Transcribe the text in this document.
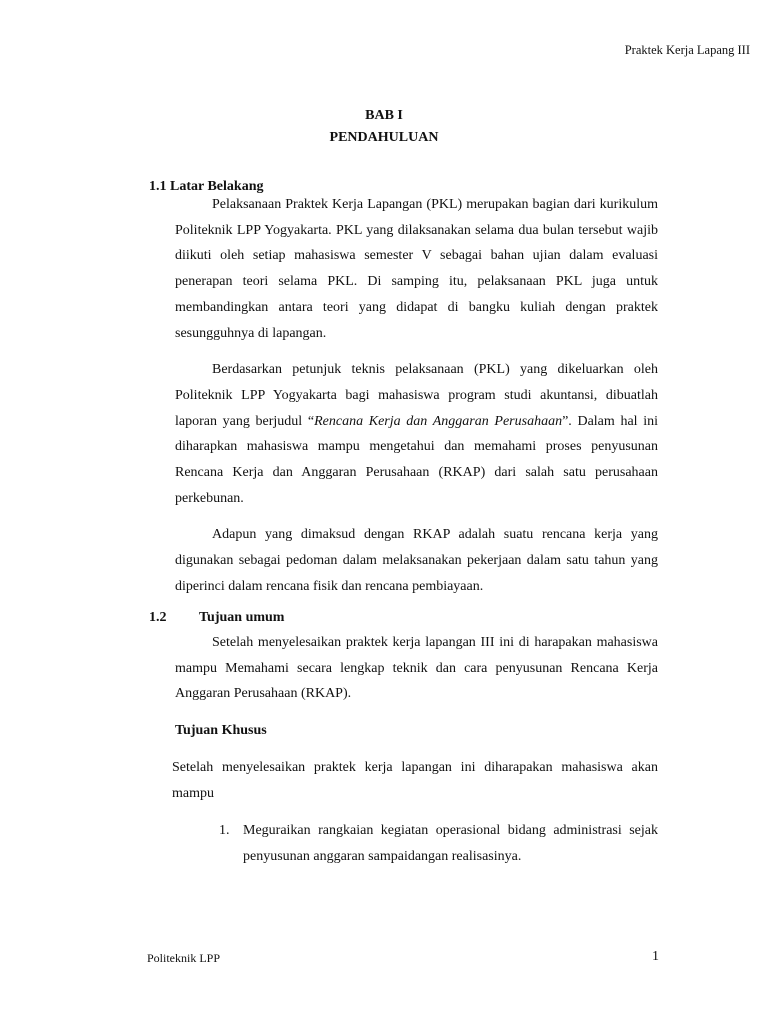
Praktek Kerja Lapang III
BAB I
PENDAHULUAN
1.1 Latar Belakang

Pelaksanaan Praktek Kerja Lapangan (PKL) merupakan bagian dari kurikulum Politeknik LPP Yogyakarta. PKL yang dilaksanakan selama dua bulan tersebut wajib diikuti oleh setiap mahasiswa semester V sebagai bahan ujian dalam evaluasi penerapan teori selama PKL. Di samping itu, pelaksanaan PKL juga untuk membandingkan antara teori yang didapat di bangku kuliah dengan praktek sesungguhnya di lapangan.

Berdasarkan petunjuk teknis pelaksanaan (PKL) yang dikeluarkan oleh Politeknik LPP Yogyakarta bagi mahasiswa program studi akuntansi, dibuatlah laporan yang berjudul “Rencana Kerja dan Anggaran Perusahaan”. Dalam hal ini diharapkan mahasiswa mampu mengetahui dan memahami proses penyusunan Rencana Kerja dan Anggaran Perusahaan (RKAP) dari salah satu perusahaan perkebunan.

Adapun yang dimaksud dengan RKAP adalah suatu rencana kerja yang digunakan sebagai pedoman dalam melaksanakan pekerjaan dalam satu tahun yang diperinci dalam rencana fisik dan rencana pembiayaan.

1.2 Tujuan umum

Setelah menyelesaikan praktek kerja lapangan III ini di harapakan mahasiswa mampu Memahami secara lengkap teknik dan cara penyusunan Rencana Kerja Anggaran Perusahaan (RKAP).

Tujuan Khusus

Setelah menyelesaikan praktek kerja lapangan ini diharapakan mahasiswa akan mampu

1. Meguraikan rangkaian kegiatan operasional bidang administrasi sejak penyusunan anggaran sampaidangan realisasinya.
Politeknik LPP	1
